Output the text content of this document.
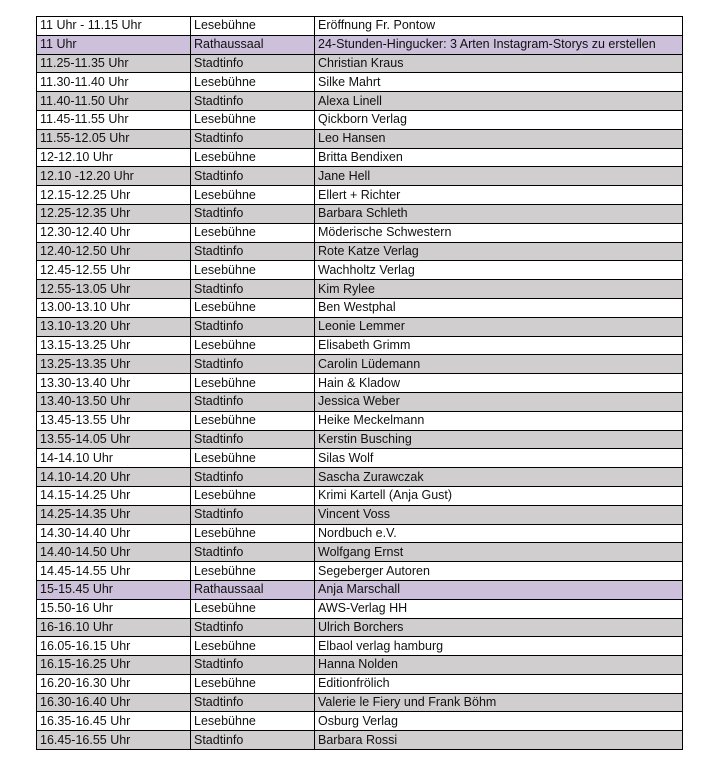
11 Uhr - 11.15 Uhr	Lesebühne	Eröffnung Fr. Pontow
11 Uhr	Rathaussaal	24-Stunden-Hingucker: 3 Arten Instagram-Storys zu erstellen
11.25-11.35 Uhr	Stadtinfo	Christian Kraus
11.30-11.40 Uhr	Lesebühne	Silke Mahrt
11.40-11.50 Uhr	Stadtinfo	Alexa Linell
11.45-11.55 Uhr	Lesebühne	Qickborn Verlag
11.55-12.05 Uhr	Stadtinfo	Leo Hansen
12-12.10 Uhr	Lesebühne	Britta Bendixen
12.10 -12.20 Uhr	Stadtinfo	Jane Hell
12.15-12.25 Uhr	Lesebühne	Ellert + Richter
12.25-12.35 Uhr	Stadtinfo	Barbara Schleth
12.30-12.40 Uhr	Lesebühne	Möderische Schwestern
12.40-12.50 Uhr	Stadtinfo	Rote Katze Verlag
12.45-12.55 Uhr	Lesebühne	Wachholtz Verlag
12.55-13.05 Uhr	Stadtinfo	Kim Rylee
13.00-13.10 Uhr	Lesebühne	Ben Westphal
13.10-13.20 Uhr	Stadtinfo	Leonie Lemmer
13.15-13.25 Uhr	Lesebühne	Elisabeth Grimm
13.25-13.35 Uhr	Stadtinfo	Carolin Lüdemann
13.30-13.40 Uhr	Lesebühne	Hain & Kladow
13.40-13.50 Uhr	Stadtinfo	Jessica Weber
13.45-13.55 Uhr	Lesebühne	Heike Meckelmann
13.55-14.05 Uhr	Stadtinfo	Kerstin Busching
14-14.10 Uhr	Lesebühne	Silas Wolf
14.10-14.20 Uhr	Stadtinfo	Sascha Zurawczak
14.15-14.25 Uhr	Lesebühne	Krimi Kartell (Anja Gust)
14.25-14.35 Uhr	Stadtinfo	Vincent Voss
14.30-14.40 Uhr	Lesebühne	Nordbuch e.V.
14.40-14.50 Uhr	Stadtinfo	Wolfgang Ernst
14.45-14.55 Uhr	Lesebühne	Segeberger Autoren
15-15.45 Uhr	Rathaussaal	Anja Marschall
15.50-16 Uhr	Lesebühne	AWS-Verlag HH
16-16.10 Uhr	Stadtinfo	Ulrich Borchers
16.05-16.15 Uhr	Lesebühne	Elbaol verlag hamburg
16.15-16.25 Uhr	Stadtinfo	Hanna Nolden
16.20-16.30 Uhr	Lesebühne	Editionfrölich
16.30-16.40 Uhr	Stadtinfo	Valerie le Fiery und Frank Böhm
16.35-16.45 Uhr	Lesebühne	Osburg Verlag
16.45-16.55 Uhr	Stadtinfo	Barbara Rossi
